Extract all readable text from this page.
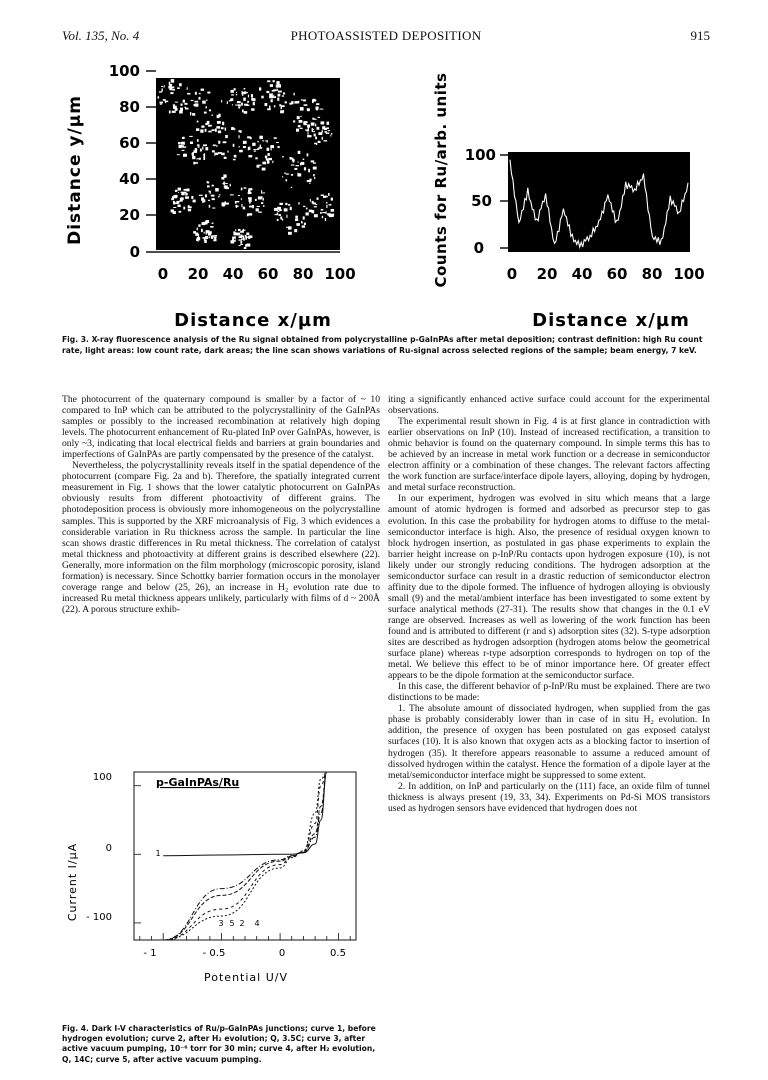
Vol. 135, No. 4	PHOTOASSISTED DEPOSITION	915
Distance y/µm
100
80
60
40
20
0
0 20 40 60 80 100
Distance x/µm
Counts for Ru/arb. units 100
50
0
0 20 40 60 80 100
Distance x/µm
Fig. 3. X-ray fluorescence analysis of the Ru signal obtained from polycrystalline p-GaInPAs after metal deposition; contrast definition: high Ru count rate, light areas: low count rate, dark areas; the line scan shows variations of Ru-signal across selected regions of the sample; beam energy, 7 keV.

The photocurrent of the quaternary compound is smaller by a factor of ~ 10 compared to InP which can be attributed to the polycrystallinity of the GaInPAs samples or possibly to the increased recombination at relatively high doping levels. The photocurrent enhancement of Ru-plated InP over GaInPAs, however, is only ~3, indicating that local electrical fields and barriers at grain boundaries and imperfections of GaInPAs are partly compensated by the presence of the catalyst.

Nevertheless, the polycrystallinity reveals itself in the spatial dependence of the photocurrent (compare Fig. 2a and b). Therefore, the spatially integrated current measurement in Fig. 1 shows that the lower catalytic photocurrent on GaInPAs obviously results from different photoactivity of different grains. The photodeposition process is obviously more inhomogeneous on the polycrystalline samples. This is supported by the XRF microanalysis of Fig. 3 which evidences a considerable variation in Ru thickness across the sample. In particular the line scan shows drastic differences in Ru metal thickness. The correlation of catalyst metal thickness and photoactivity at different grains is described elsewhere (22). Generally, more information on the film morphology (microscopic porosity, island formation) is necessary. Since Schottky barrier formation occurs in the monolayer coverage range and below (25, 26), an increase in H₂ evolution rate due to increased Ru metal thickness appears unlikely, particularly with films of d ~ 200Å (22). A porous structure exhib-

Current I/µA
100
0
- 100
- 1	- 0.5	0	0.5
Potential U/V
p-GaInPAs/Ru
1
3 5 2 4
Fig. 4. Dark I-V characteristics of Ru/p-GaInPAs junctions; curve 1, before hydrogen evolution; curve 2, after H₂ evolution; Q, 3.5C; curve 3, after active vacuum pumping, 10⁻⁶ torr for 30 min; curve 4, after H₂ evolution, Q, 14C; curve 5, after active vacuum pumping.

iting a significantly enhanced active surface could account for the experimental observations.

The experimental result shown in Fig. 4 is at first glance in contradiction with earlier observations on InP (10). Instead of increased rectification, a transition to ohmic behavior is found on the quaternary compound. In simple terms this has to be achieved by an increase in metal work function or a decrease in semiconductor electron affinity or a combination of these changes. The relevant factors affecting the work function are surface/interface dipole layers, alloying, doping by hydrogen, and metal surface reconstruction.

In our experiment, hydrogen was evolved in situ which means that a large amount of atomic hydrogen is formed and adsorbed as precursor step to gas evolution. In this case the probability for hydrogen atoms to diffuse to the metal-semiconductor interface is high. Also, the presence of residual oxygen known to block hydrogen insertion, as postulated in gas phase experiments to explain the barrier height increase on p-InP/Ru contacts upon hydrogen exposure (10), is not likely under our strongly reducing conditions. The hydrogen adsorption at the semiconductor surface can result in a drastic reduction of semiconductor electron affinity due to the dipole formed. The influence of hydrogen alloying is obviously small (9) and the metal/ambient interface has been investigated to some extent by surface analytical methods (27-31). The results show that changes in the 0.1 eV range are observed. Increases as well as lowering of the work function has been found and is attributed to different (r and s) adsorption sites (32). S-type adsorption sites are described as hydrogen adsorption (hydrogen atoms below the geometrical surface plane) whereas r-type adsorption corresponds to hydrogen on top of the metal. We believe this effect to be of minor importance here. Of greater effect appears to be the dipole formation at the semiconductor surface.

In this case, the different behavior of p-InP/Ru must be explained. There are two distinctions to be made:

1. The absolute amount of dissociated hydrogen, when supplied from the gas phase is probably considerably lower than in case of in situ H₂ evolution. In addition, the presence of oxygen has been postulated on gas exposed catalyst surfaces (10). It is also known that oxygen acts as a blocking factor to insertion of hydrogen (35). It therefore appears reasonable to assume a reduced amount of dissolved hydrogen within the catalyst. Hence the formation of a dipole layer at the metal/semiconductor interface might be suppressed to some extent.

2. In addition, on InP and particularly on the (111) face, an oxide film of tunnel thickness is always present (19, 33, 34). Experiments on Pd-Si MOS transistors used as hydrogen sensors have evidenced that hydrogen does not
